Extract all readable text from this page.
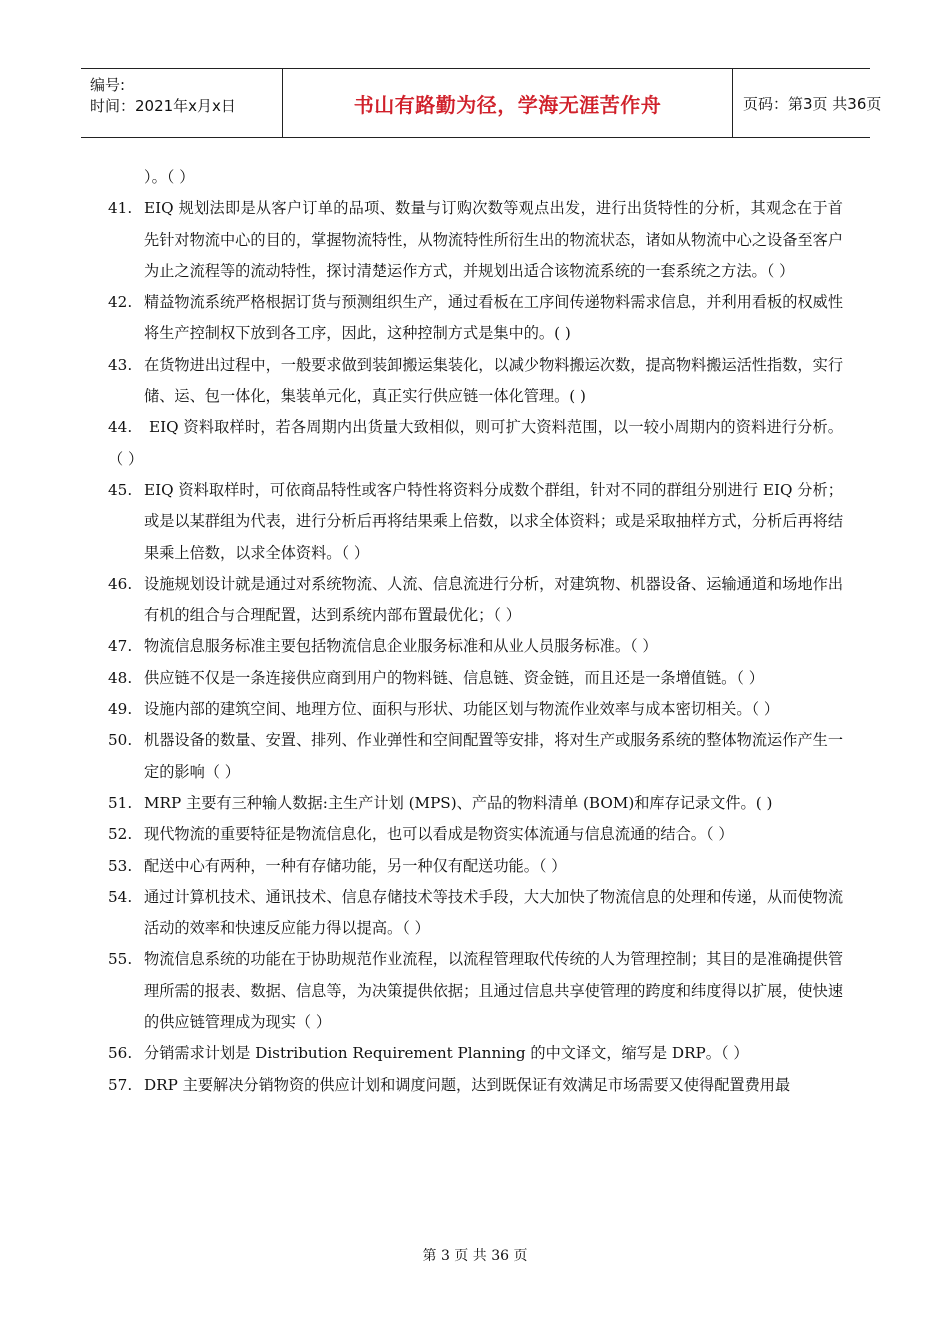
编号:
时间：2021年x月x日	书山有路勤为径，学海无涯苦作舟	页码：第3页 共36页
）。（ ）
41. EIQ 规划法即是从客户订单的品项、数量与订购次数等观点出发，进行出货特性的分析，其观念在于首先针对物流中心的目的，掌握物流特性，从物流特性所衍生出的物流状态，诸如从物流中心之设备至客户为止之流程等的流动特性，探讨清楚运作方式，并规划出适合该物流系统的一套系统之方法。（ ）
42. 精益物流系统严格根据订货与预测组织生产，通过看板在工序间传递物料需求信息，并利用看板的权威性将生产控制权下放到各工序，因此，这种控制方式是集中的。( )
43. 在货物进出过程中，一般要求做到装卸搬运集装化，以减少物料搬运次数，提高物料搬运活性指数，实行储、运、包一体化，集装单元化，真正实行供应链一体化管理。( )
44. EIQ 资料取样时，若各周期内出货量大致相似，则可扩大资料范围，以一较小周期内的资料进行分析。（ ）
45. EIQ 资料取样时，可依商品特性或客户特性将资料分成数个群组，针对不同的群组分别进行 EIQ 分析；或是以某群组为代表，进行分析后再将结果乘上倍数，以求全体资料；或是采取抽样方式，分析后再将结果乘上倍数，以求全体资料。（ ）
46. 设施规划设计就是通过对系统物流、人流、信息流进行分析，对建筑物、机器设备、运输通道和场地作出有机的组合与合理配置，达到系统内部布置最优化；（ ）
47. 物流信息服务标准主要包括物流信息企业服务标准和从业人员服务标准。（ ）
48. 供应链不仅是一条连接供应商到用户的物料链、信息链、资金链，而且还是一条增值链。（ ）
49. 设施内部的建筑空间、地理方位、面积与形状、功能区划与物流作业效率与成本密切相关。（ ）
50. 机器设备的数量、安置、排列、作业弹性和空间配置等安排，将对生产或服务系统的整体物流运作产生一定的影响（ ）
51. MRP 主要有三种输人数据:主生产计划 (MPS)、产品的物料清单 (BOM)和库存记录文件。( )
52. 现代物流的重要特征是物流信息化，也可以看成是物资实体流通与信息流通的结合。（ ）
53. 配送中心有两种，一种有存储功能，另一种仅有配送功能。（ ）
54. 通过计算机技术、通讯技术、信息存储技术等技术手段，大大加快了物流信息的处理和传递，从而使物流活动的效率和快速反应能力得以提高。（ ）
55. 物流信息系统的功能在于协助规范作业流程，以流程管理取代传统的人为管理控制；其目的是准确提供管理所需的报表、数据、信息等，为决策提供依据；且通过信息共享使管理的跨度和纬度得以扩展，使快速的供应链管理成为现实（ ）
56. 分销需求计划是 Distribution Requirement Planning 的中文译文，缩写是 DRP。（ ）
57. DRP 主要解决分销物资的供应计划和调度问题，达到既保证有效满足市场需要又使得配置费用最
第 3 页 共 36 页
